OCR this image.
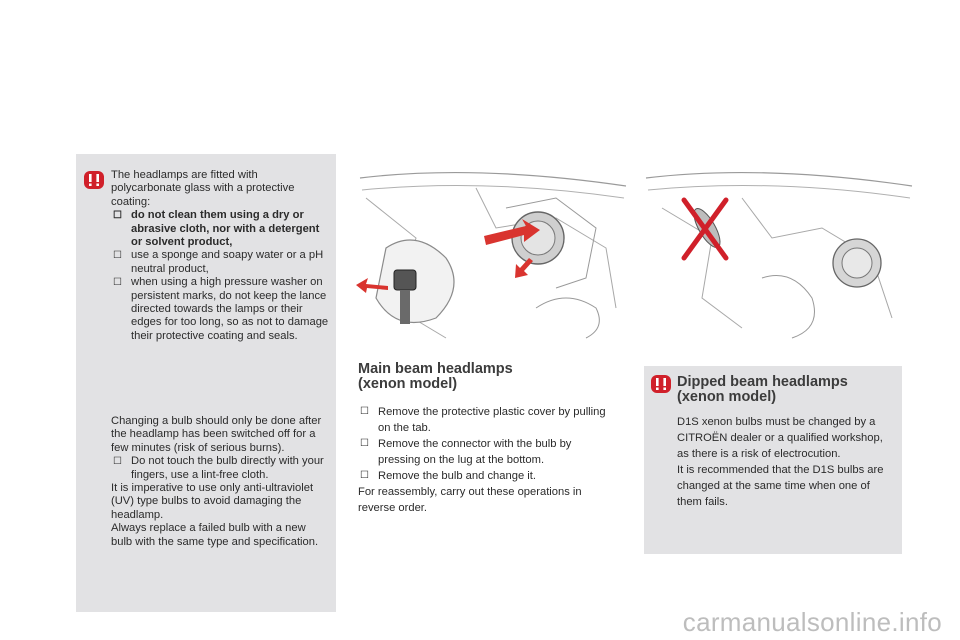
The headlamps are fitted with polycarbonate glass with a protective coating:

☐ do not clean them using a dry or abrasive cloth, nor with a detergent or solvent product,

☐ use a sponge and soapy water or a pH neutral product,

☐ when using a high pressure washer on persistent marks, do not keep the lance directed towards the lamps or their edges for too long, so as not to damage their protective coating and seals.

Changing a bulb should only be done after the headlamp has been switched off for a few minutes (risk of serious burns).

☐ Do not touch the bulb directly with your fingers, use a lint-free cloth.

It is imperative to use only anti-ultraviolet (UV) type bulbs to avoid damaging the headlamp.

Always replace a failed bulb with a new bulb with the same type and specification.

Main beam headlamps
(xenon model)

☐ Remove the protective plastic cover by pulling on the tab.

☐ Remove the connector with the bulb by pressing on the lug at the bottom.

☐ Remove the bulb and change it.

For reassembly, carry out these operations in reverse order.

Dipped beam headlamps
(xenon model)

D1S xenon bulbs must be changed by a CITROËN dealer or a qualified workshop, as there is a risk of electrocution.

It is recommended that the D1S bulbs are changed at the same time when one of them fails.

carmanualsonline.info
